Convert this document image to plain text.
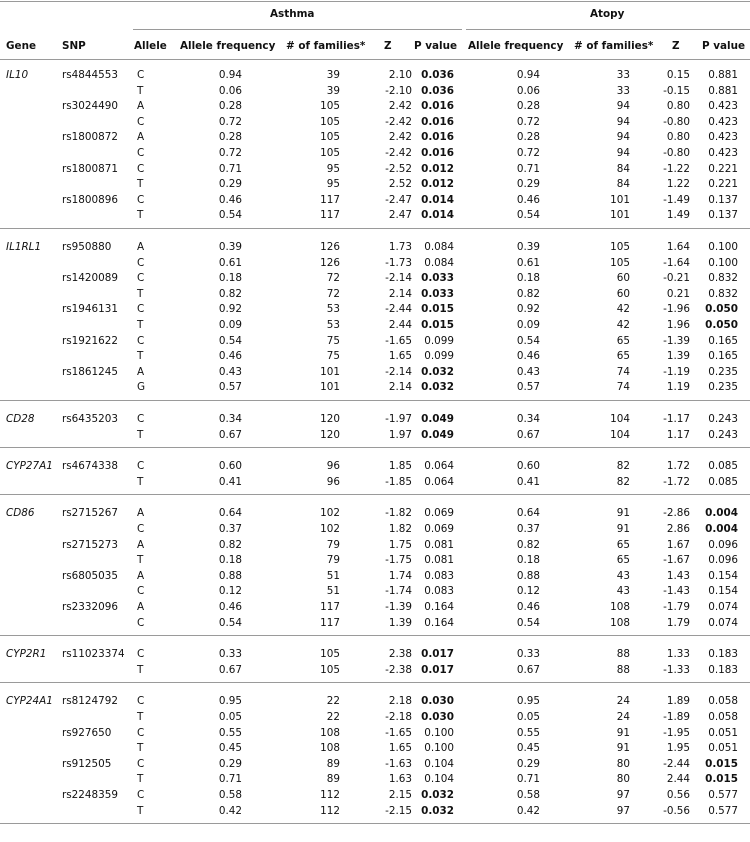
Asthma	Atopy
Gene SNP	Allele Allele frequency # of families* Z P value Allele frequency # of families* Z P value
IL10	rs4844553 C	0.94	39	2.10 0.036	0.94	33	0.15	0.881
T	0.06	39	-2.10 0.036	0.06	33	-0.15	0.881
rs3024490 A	0.28	105	2.42 0.016	0.28	94	0.80	0.423
C	0.72	105	-2.42 0.016	0.72	94	-0.80	0.423
rs1800872 A	0.28	105	2.42 0.016	0.28	94	0.80	0.423
C	0.72	105	-2.42 0.016	0.72	94	-0.80	0.423
rs1800871 C	0.71	95	-2.52 0.012	0.71	84	-1.22	0.221
T	0.29	95	2.52 0.012	0.29	84	1.22	0.221
rs1800896 C	0.46	117	-2.47 0.014	0.46	101	-1.49	0.137
T	0.54	117	2.47 0.014	0.54	101	1.49	0.137
IL1RL1 rs950880 A	0.39	126	1.73	0.084	0.39	105	1.64	0.100
C	0.61	126	-1.73	0.084	0.61	105	-1.64	0.100
rs1420089 C	0.18	72	-2.14 0.033	0.18	60	-0.21	0.832
T	0.82	72	2.14 0.033	0.82	60	0.21	0.832
rs1946131 C	0.92	53	-2.44 0.015	0.92	42	-1.96	0.050
T	0.09	53	2.44 0.015	0.09	42	1.96	0.050
rs1921622 C	0.54	75	-1.65	0.099	0.54	65	-1.39	0.165
T	0.46	75	1.65	0.099	0.46	65	1.39	0.165
rs1861245 A	0.43	101	-2.14 0.032	0.43	74	-1.19	0.235
G	0.57	101	2.14 0.032	0.57	74	1.19	0.235
CD28	rs6435203 C	0.34	120	-1.97 0.049	0.34	104	-1.17	0.243
T	0.67	120	1.97 0.049	0.67	104	1.17	0.243
CYP27A1 rs4674338 C	0.60	96	1.85	0.064	0.60	82	1.72	0.085
T	0.41	96	-1.85	0.064	0.41	82	-1.72	0.085
CD86	rs2715267 A	0.64	102	-1.82	0.069	0.64	91	-2.86	0.004
C	0.37	102	1.82	0.069	0.37	91	2.86	0.004
rs2715273 A	0.82	79	1.75	0.081	0.82	65	1.67	0.096
T	0.18	79	-1.75	0.081	0.18	65	-1.67	0.096
rs6805035 A	0.88	51	1.74	0.083	0.88	43	1.43	0.154
C	0.12	51	-1.74	0.083	0.12	43	-1.43	0.154
rs2332096 A	0.46	117	-1.39	0.164	0.46	108	-1.79	0.074
C	0.54	117	1.39	0.164	0.54	108	1.79	0.074
CYP2R1 rs11023374 C	0.33	105	2.38 0.017	0.33	88	1.33	0.183
T	0.67	105	-2.38 0.017	0.67	88	-1.33	0.183
CYP24A1 rs8124792 C	0.95	22	2.18 0.030	0.95	24	1.89	0.058
T	0.05	22	-2.18 0.030	0.05	24	-1.89	0.058
rs927650 C	0.55	108	-1.65	0.100	0.55	91	-1.95	0.051
T	0.45	108	1.65	0.100	0.45	91	1.95	0.051
rs912505 C	0.29	89	-1.63	0.104	0.29	80	-2.44	0.015
T	0.71	89	1.63	0.104	0.71	80	2.44	0.015
rs2248359 C	0.58	112	2.15 0.032	0.58	97	0.56	0.577
T	0.42	112	-2.15 0.032	0.42	97	-0.56	0.577
